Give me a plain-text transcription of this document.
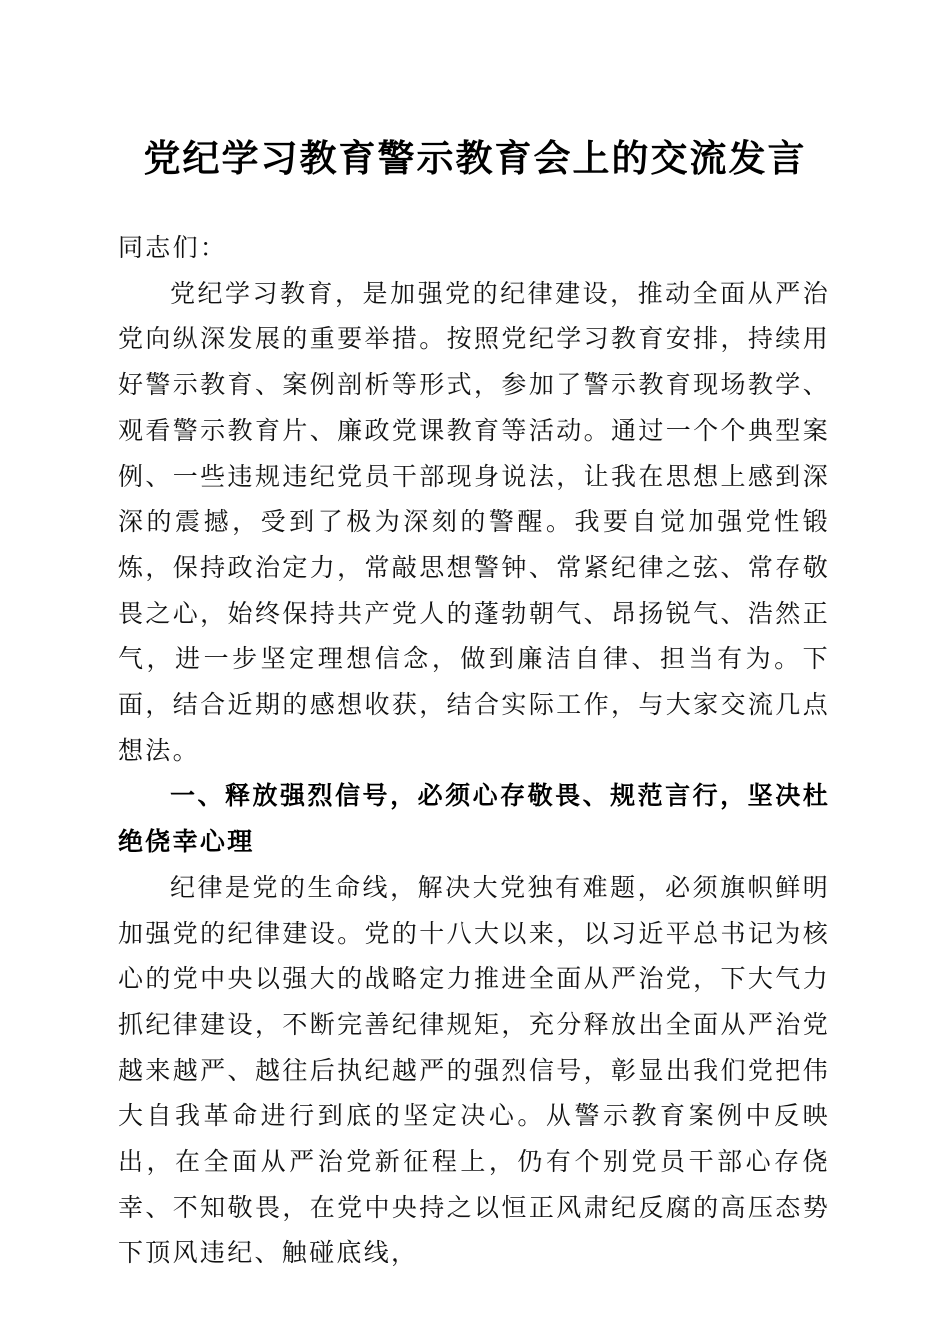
党纪学习教育警示教育会上的交流发言

同志们：

党纪学习教育，是加强党的纪律建设，推动全面从严治党向纵深发展的重要举措。按照党纪学习教育安排，持续用好警示教育、案例剖析等形式，参加了警示教育现场教学、观看警示教育片、廉政党课教育等活动。通过一个个典型案例、一些违规违纪党员干部现身说法，让我在思想上感到深深的震撼，受到了极为深刻的警醒。我要自觉加强党性锻炼，保持政治定力，常敲思想警钟、常紧纪律之弦、常存敬畏之心，始终保持共产党人的蓬勃朝气、昂扬锐气、浩然正气，进一步坚定理想信念，做到廉洁自律、担当有为。下面，结合近期的感想收获，结合实际工作，与大家交流几点想法。

一、释放强烈信号，必须心存敬畏、规范言行，坚决杜绝侥幸心理

纪律是党的生命线，解决大党独有难题，必须旗帜鲜明加强党的纪律建设。党的十八大以来，以习近平总书记为核心的党中央以强大的战略定力推进全面从严治党，下大气力抓纪律建设，不断完善纪律规矩，充分释放出全面从严治党越来越严、越往后执纪越严的强烈信号，彰显出我们党把伟大自我革命进行到底的坚定决心。从警示教育案例中反映出，在全面从严治党新征程上，仍有个别党员干部心存侥幸、不知敬畏，在党中央持之以恒正风肃纪反腐的高压态势下顶风违纪、触碰底线，
